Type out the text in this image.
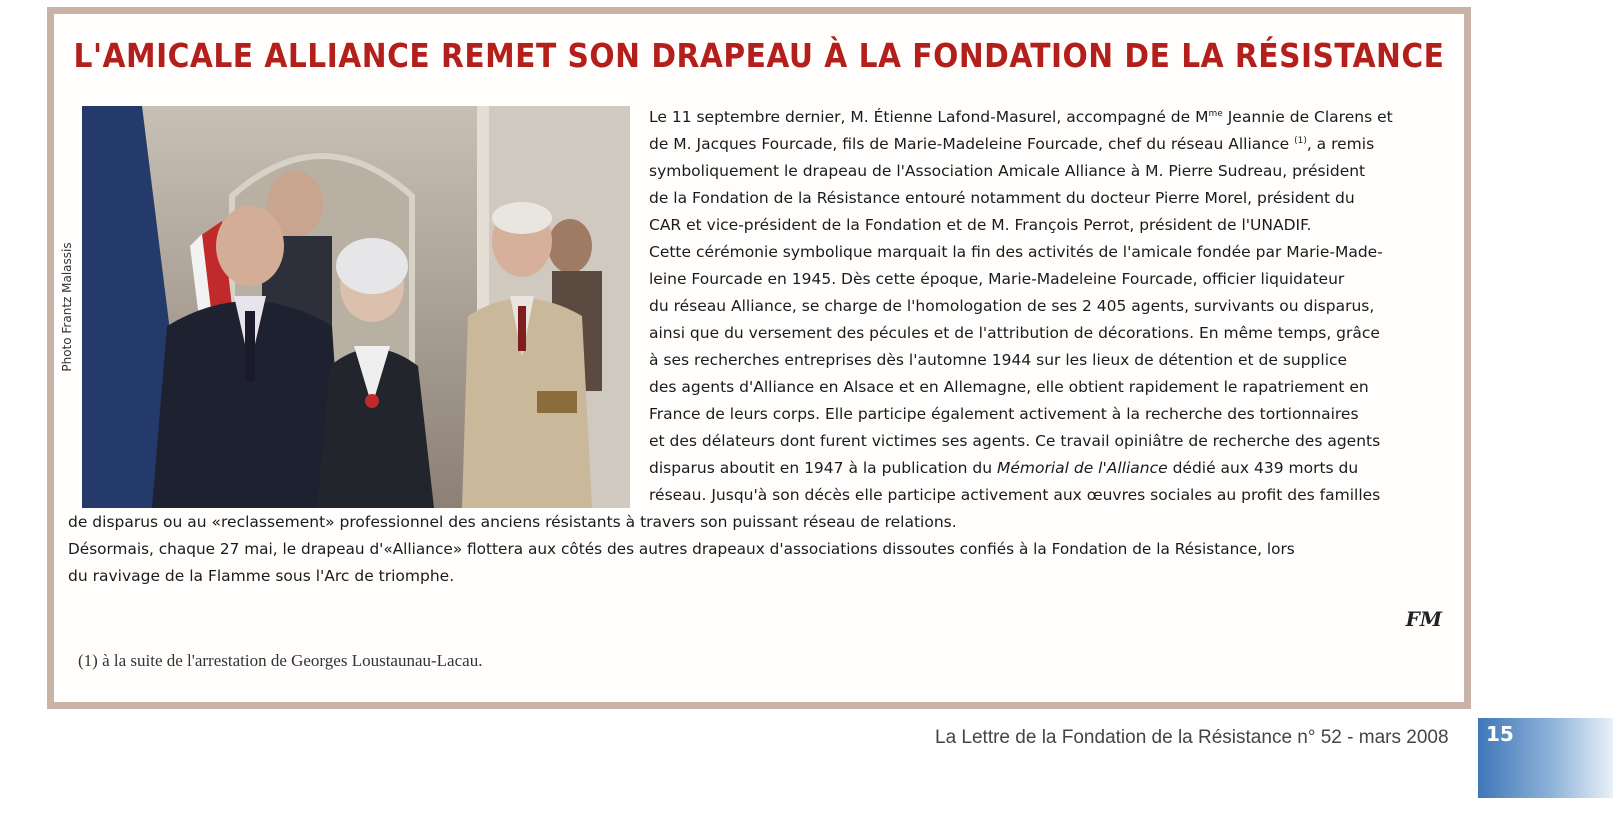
L'AMICALE ALLIANCE REMET SON DRAPEAU À LA FONDATION DE LA RÉSISTANCE
Photo Frantz Malassis
Le 11 septembre dernier, M. Étienne Lafond-Masurel, accompagné de $M^{me}$ Jeannie de Clarens et
de M. Jacques Fourcade, fils de Marie-Madeleine Fourcade, chef du réseau Alliance $^{(1)}$, a remis
symboliquement le drapeau de l'Association Amicale Alliance à M. Pierre Sudreau, président
de la Fondation de la Résistance entouré notamment du docteur Pierre Morel, président du
CAR et vice-président de la Fondation et de M. François Perrot, président de l'UNADIF.
Cette cérémonie symbolique marquait la fin des activités de l'amicale fondée par Marie-Made-
leine Fourcade en 1945. Dès cette époque, Marie-Madeleine Fourcade, officier liquidateur
du réseau Alliance, se charge de l'homologation de ses 2 405 agents, survivants ou disparus,
ainsi que du versement des pécules et de l'attribution de décorations. En même temps, grâce
à ses recherches entreprises dès l'automne 1944 sur les lieux de détention et de supplice
des agents d'Alliance en Alsace et en Allemagne, elle obtient rapidement le rapatriement en
France de leurs corps. Elle participe également activement à la recherche des tortionnaires
et des délateurs dont furent victimes ses agents. Ce travail opiniâtre de recherche des agents
disparus aboutit en 1947 à la publication du Mémorial de l'Alliance dédié aux 439 morts du
réseau. Jusqu'à son décès elle participe activement aux œuvres sociales au profit des familles
de disparus ou au «reclassement» professionnel des anciens résistants à travers son puissant réseau de relations.
Désormais, chaque 27 mai, le drapeau d'«Alliance» flottera aux côtés des autres drapeaux d'associations dissoutes confiés à la Fondation de la Résistance, lors
du ravivage de la Flamme sous l'Arc de triomphe.
FM
(1) à la suite de l'arrestation de Georges Loustaunau-Lacau.
La Lettre de la Fondation de la Résistance n° 52 - mars 2008 15
